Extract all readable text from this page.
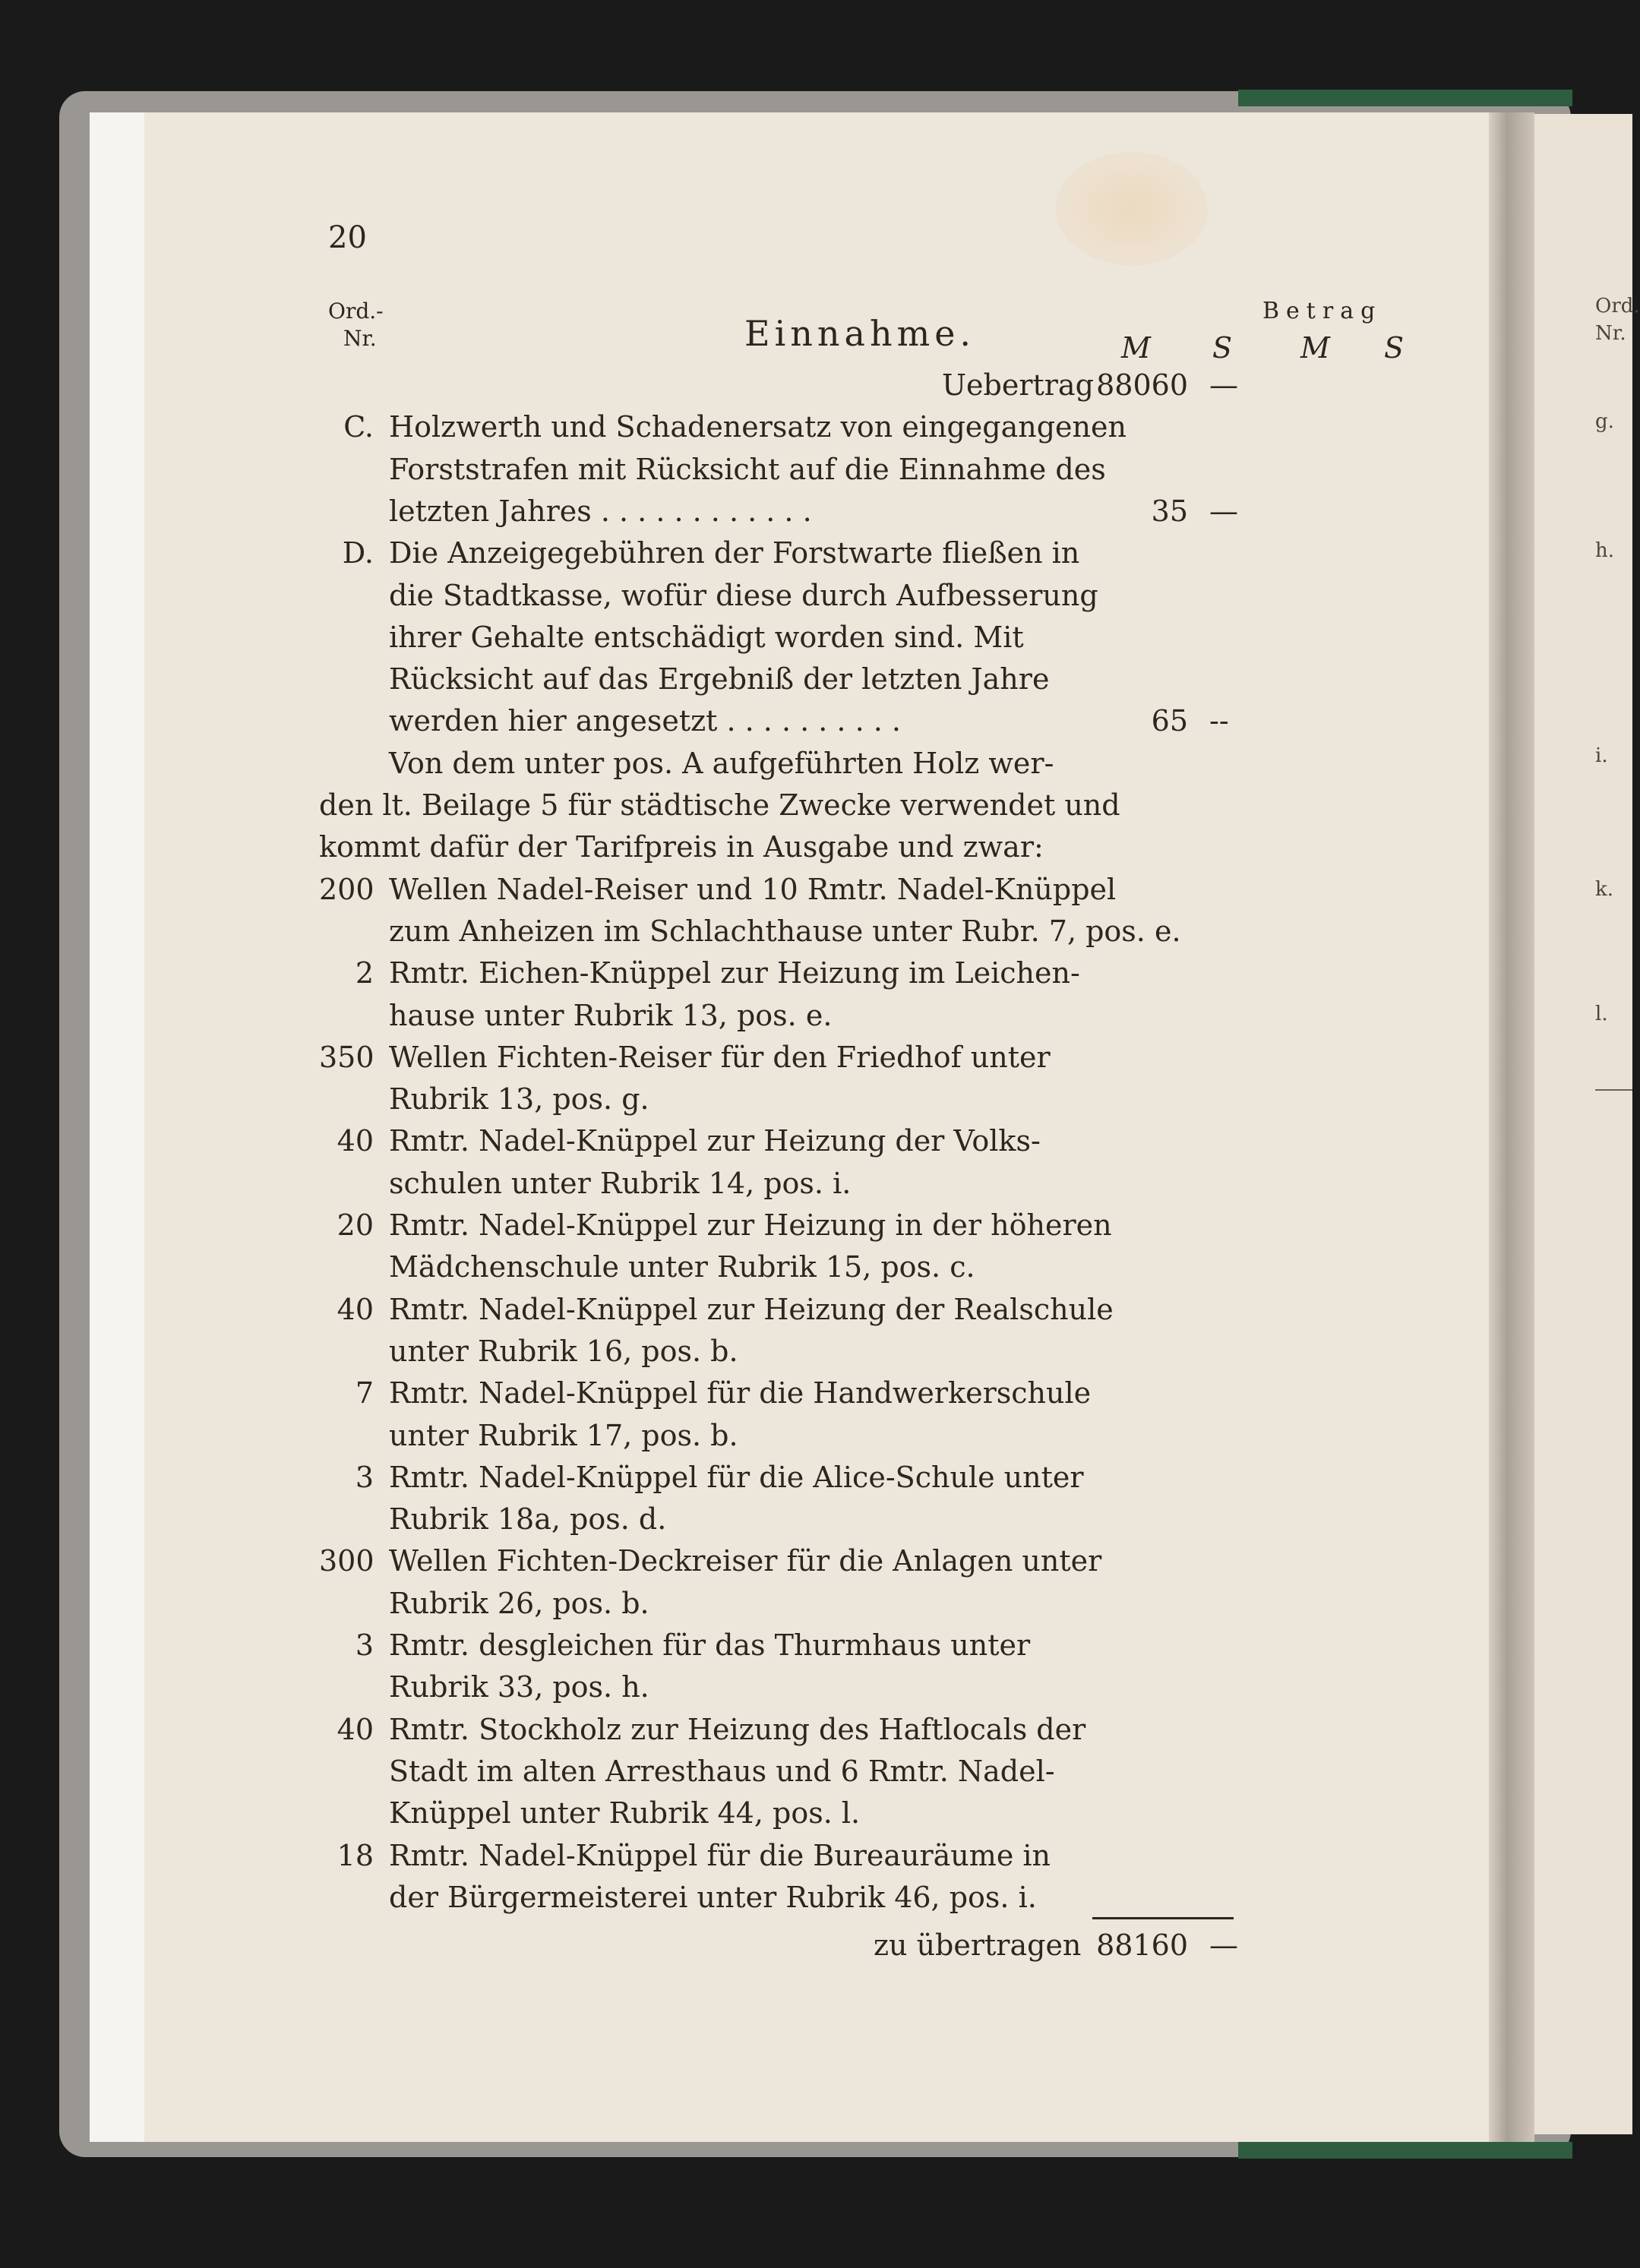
Ord.
Nr.
g.
h.
i.
k.
l.
20
Ord.-
Nr.	Einnahme.
Betrag
M S M S
Uebertrag 88060 —
C. Holzwerth und Schadenersatz von eingegangenen
Forststrafen mit Rücksicht auf die Einnahme des
letzten Jahres . . . . . . . . . . . .	35 —
D. Die Anzeigegebühren der Forstwarte fließen in
die Stadtkasse, wofür diese durch Aufbesserung
ihrer Gehalte entschädigt worden sind. Mit
Rücksicht auf das Ergebniß der letzten Jahre
werden hier angesetzt . . . . . . . . . .	65 --
Von dem unter pos. A aufgeführten Holz wer-
den lt. Beilage 5 für städtische Zwecke verwendet und
kommt dafür der Tarifpreis in Ausgabe und zwar:
200 Wellen Nadel-Reiser und 10 Rmtr. Nadel-Knüppel
zum Anheizen im Schlachthause unter Rubr. 7, pos. e.
2 Rmtr. Eichen-Knüppel zur Heizung im Leichen-
hause unter Rubrik 13, pos. e.
350 Wellen Fichten-Reiser für den Friedhof unter
Rubrik 13, pos. g.
40 Rmtr. Nadel-Knüppel zur Heizung der Volks-
schulen unter Rubrik 14, pos. i.
20 Rmtr. Nadel-Knüppel zur Heizung in der höheren
Mädchenschule unter Rubrik 15, pos. c.
40 Rmtr. Nadel-Knüppel zur Heizung der Realschule
unter Rubrik 16, pos. b.
7 Rmtr. Nadel-Knüppel für die Handwerkerschule
unter Rubrik 17, pos. b.
3 Rmtr. Nadel-Knüppel für die Alice-Schule unter
Rubrik 18a, pos. d.
300 Wellen Fichten-Deckreiser für die Anlagen unter
Rubrik 26, pos. b.
3 Rmtr. desgleichen für das Thurmhaus unter
Rubrik 33, pos. h.
40 Rmtr. Stockholz zur Heizung des Haftlocals der
Stadt im alten Arresthaus und 6 Rmtr. Nadel-
Knüppel unter Rubrik 44, pos. l.
18 Rmtr. Nadel-Knüppel für die Bureauräume in
der Bürgermeisterei unter Rubrik 46, pos. i.
zu übertragen 88160 —
